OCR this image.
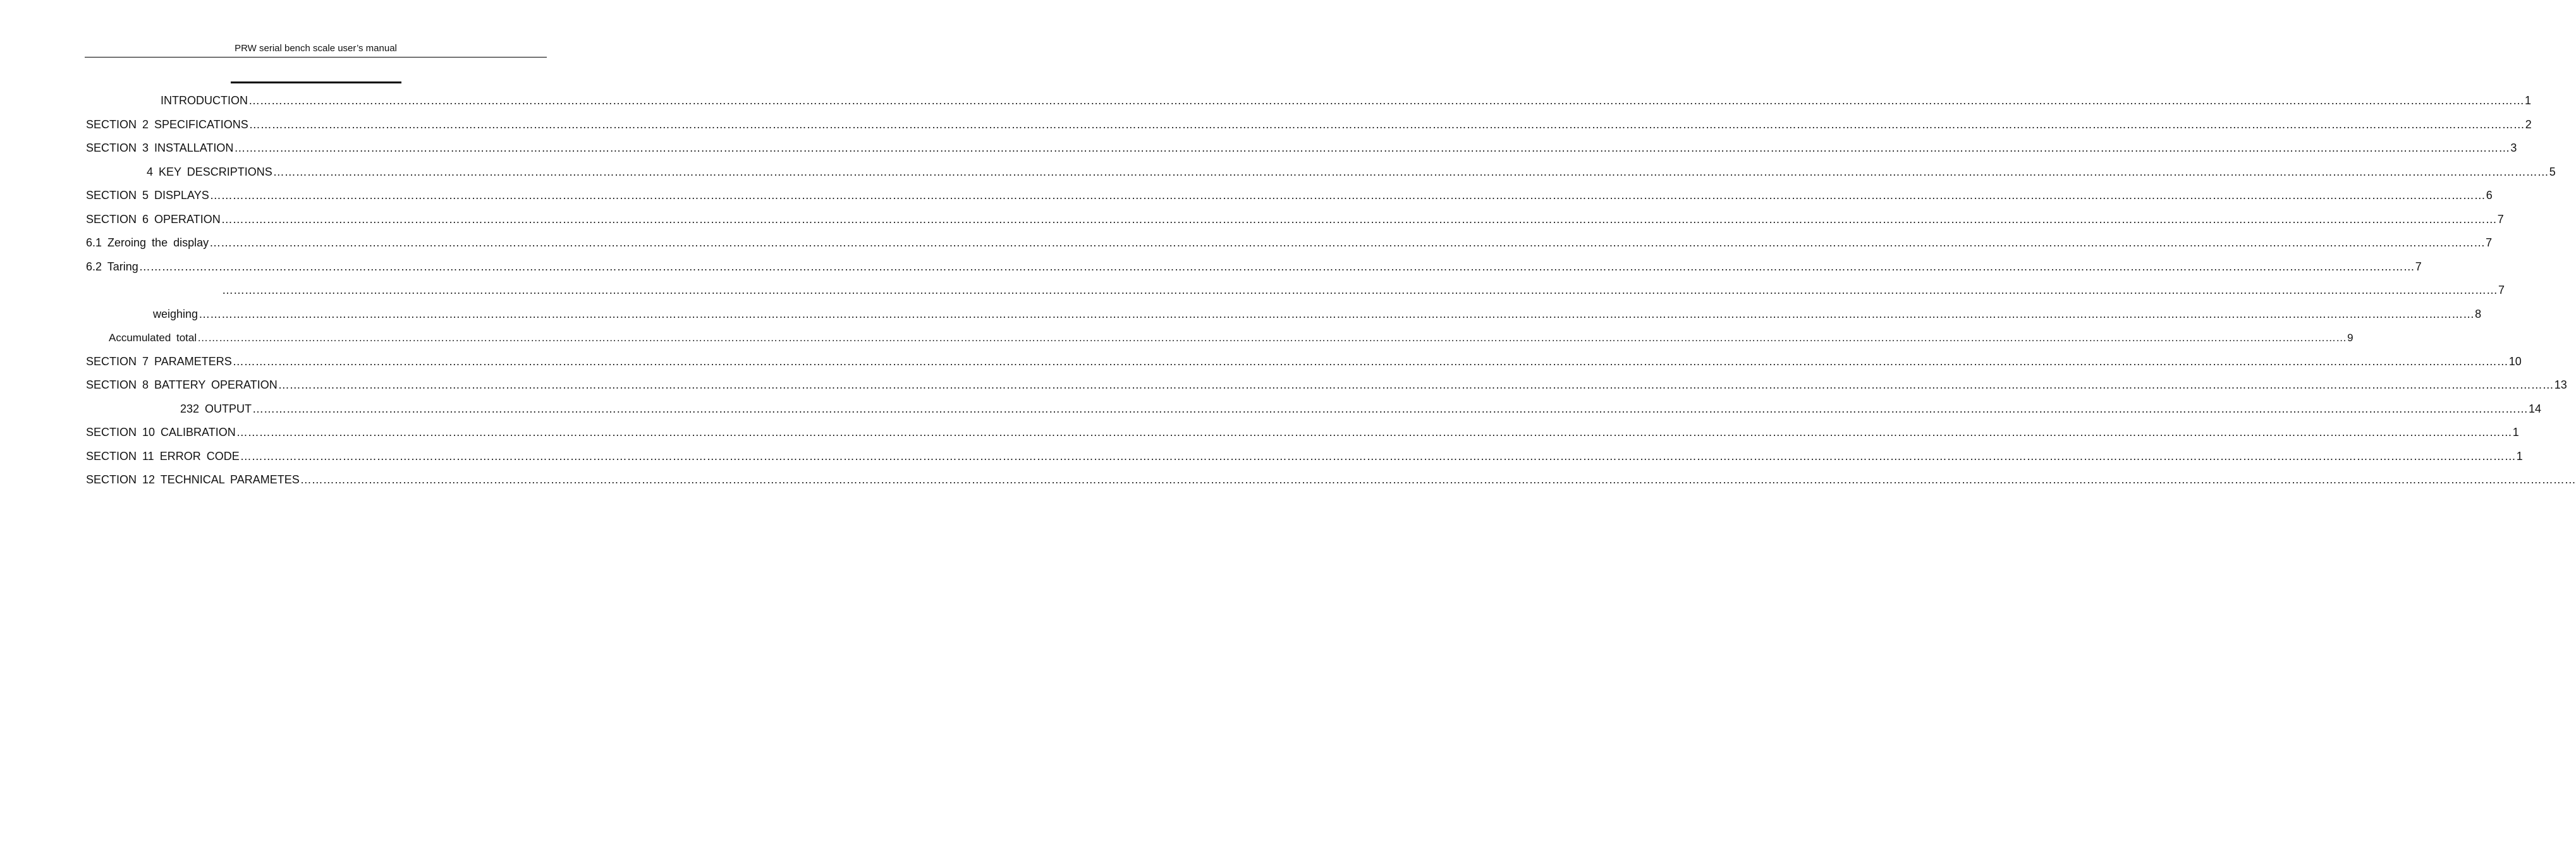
PRW serial bench scale user’s manual
INTRODUCTION …………………………………………………………………………………………………………………………………………………………………………………………………………………………………………………………………………………………………………………………………………………………………………………………………………………………………………………………………………………………………………………………………………………… 1
SECTION 2 SPECIFICATIONS …………………………………………………………………………………………………………………………………………………………………………………………………………………………………………………………………………………………………………………………………………………………………………………………………………………………………………………………………………………………………………………………………………………… 2
SECTION 3 INSTALLATION …………………………………………………………………………………………………………………………………………………………………………………………………………………………………………………………………………………………………………………………………………………………………………………………………………………………………………………………………………………………………………………………………………………… 3
4 KEY DESCRIPTIONS …………………………………………………………………………………………………………………………………………………………………………………………………………………………………………………………………………………………………………………………………………………………………………………………………………………………………………………………………………………………………………………………………………………… 5
SECTION 5 DISPLAYS …………………………………………………………………………………………………………………………………………………………………………………………………………………………………………………………………………………………………………………………………………………………………………………………………………………………………………………………………………………………………………………………………………………… 6
SECTION 6 OPERATION …………………………………………………………………………………………………………………………………………………………………………………………………………………………………………………………………………………………………………………………………………………………………………………………………………………………………………………………………………………………………………………………………………………… 7
6.1 Zeroing the display …………………………………………………………………………………………………………………………………………………………………………………………………………………………………………………………………………………………………………………………………………………………………………………………………………………………………………………………………………………………………………………………………………………… 7
6.2 Taring …………………………………………………………………………………………………………………………………………………………………………………………………………………………………………………………………………………………………………………………………………………………………………………………………………………………………………………………………………………………………………………………………………………… 7
…………………………………………………………………………………………………………………………………………………………………………………………………………………………………………………………………………………………………………………………………………………………………………………………………………………………………………………………………………………………………………………………………………………… 7
weighing …………………………………………………………………………………………………………………………………………………………………………………………………………………………………………………………………………………………………………………………………………………………………………………………………………………………………………………………………………………………………………………………………………………… 8
Accumulated total …………………………………………………………………………………………………………………………………………………………………………………………………………………………………………………………………………………………………………………………………………………………………………………………………………………………………………………………………………………………………………………………………………………… 9
SECTION 7 PARAMETERS …………………………………………………………………………………………………………………………………………………………………………………………………………………………………………………………………………………………………………………………………………………………………………………………………………………………………………………………………………………………………………………………………………………… 10
SECTION 8 BATTERY OPERATION …………………………………………………………………………………………………………………………………………………………………………………………………………………………………………………………………………………………………………………………………………………………………………………………………………………………………………………………………………………………………………………………………………………… 13
232 OUTPUT …………………………………………………………………………………………………………………………………………………………………………………………………………………………………………………………………………………………………………………………………………………………………………………………………………………………………………………………………………………………………………………………………………………… 14
SECTION 10 CALIBRATION …………………………………………………………………………………………………………………………………………………………………………………………………………………………………………………………………………………………………………………………………………………………………………………………………………………………………………………………………………………………………………………………………………………… 1
SECTION 11 ERROR CODE …………………………………………………………………………………………………………………………………………………………………………………………………………………………………………………………………………………………………………………………………………………………………………………………………………………………………………………………………………………………………………………………………………………… 1
SECTION 12 TECHNICAL PARAMETES ……………………………………………………………………………………………………………………………………………………………………………………………………………………………………………………………………………………………………………………………………………………………………………………………………………………………………………………………………………………………………………………………………………………
